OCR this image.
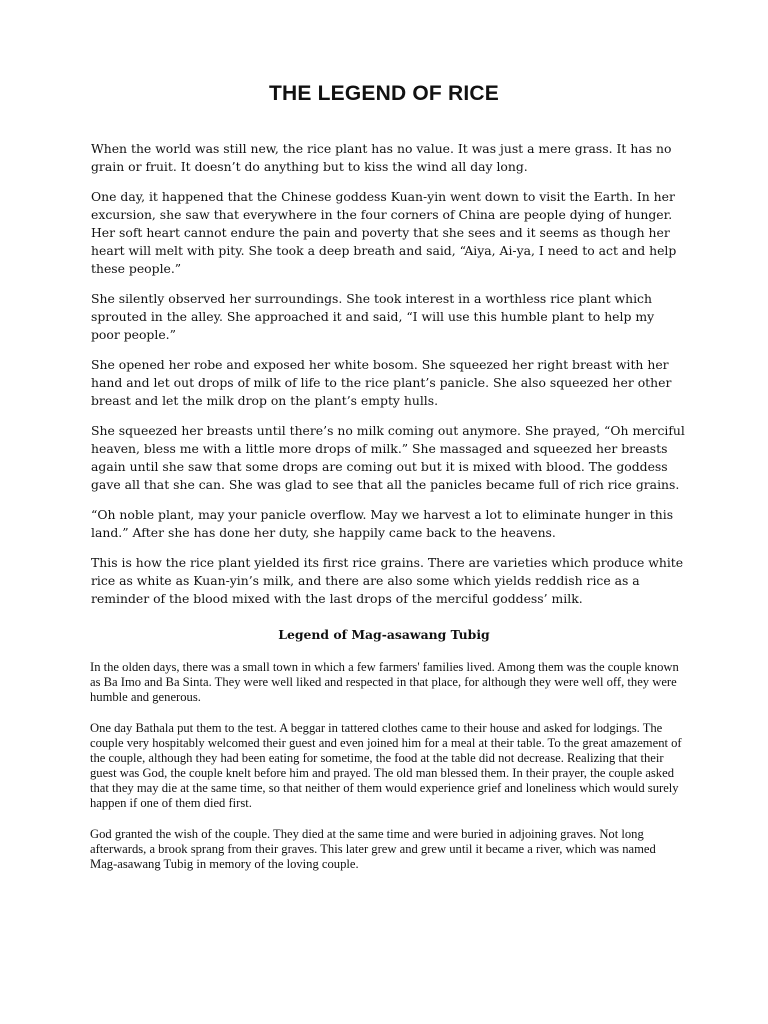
THE LEGEND OF RICE

When the world was still new, the rice plant has no value. It was just a mere grass. It has no grain or fruit. It doesn’t do anything but to kiss the wind all day long.

One day, it happened that the Chinese goddess Kuan-yin went down to visit the Earth. In her excursion, she saw that everywhere in the four corners of China are people dying of hunger. Her soft heart cannot endure the pain and poverty that she sees and it seems as though her heart will melt with pity. She took a deep breath and said, “Aiya, Ai-ya, I need to act and help these people.”

She silently observed her surroundings. She took interest in a worthless rice plant which sprouted in the alley. She approached it and said, “I will use this humble plant to help my poor people.”

She opened her robe and exposed her white bosom. She squeezed her right breast with her hand and let out drops of milk of life to the rice plant’s panicle. She also squeezed her other breast and let the milk drop on the plant’s empty hulls.

She squeezed her breasts until there’s no milk coming out anymore. She prayed, “Oh merciful heaven, bless me with a little more drops of milk.” She massaged and squeezed her breasts again until she saw that some drops are coming out but it is mixed with blood. The goddess gave all that she can. She was glad to see that all the panicles became full of rich rice grains.

“Oh noble plant, may your panicle overflow. May we harvest a lot to eliminate hunger in this land.” After she has done her duty, she happily came back to the heavens.

This is how the rice plant yielded its first rice grains. There are varieties which produce white rice as white as Kuan-yin’s milk, and there are also some which yields reddish rice as a reminder of the blood mixed with the last drops of the merciful goddess’ milk.

Legend of Mag-asawang Tubig

In the olden days, there was a small town in which a few farmers' families lived. Among them was the couple known as Ba Imo and Ba Sinta. They were well liked and respected in that place, for although they were well off, they were humble and generous.

One day Bathala put them to the test. A beggar in tattered clothes came to their house and asked for lodgings. The couple very hospitably welcomed their guest and even joined him for a meal at their table. To the great amazement of the couple, although they had been eating for sometime, the food at the table did not decrease. Realizing that their guest was God, the couple knelt before him and prayed. The old man blessed them. In their prayer, the couple asked that they may die at the same time, so that neither of them would experience grief and loneliness which would surely happen if one of them died first.

God granted the wish of the couple. They died at the same time and were buried in adjoining graves. Not long afterwards, a brook sprang from their graves. This later grew and grew until it became a river, which was named Mag-asawang Tubig in memory of the loving couple.
